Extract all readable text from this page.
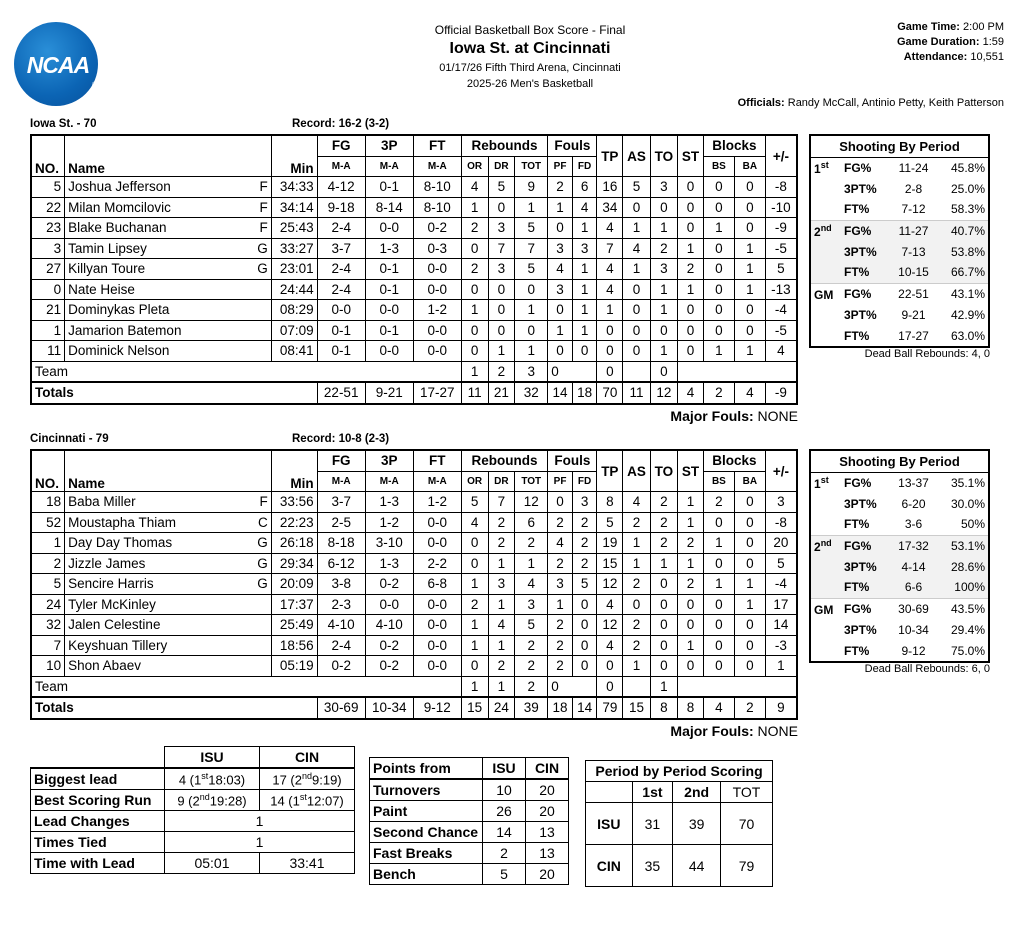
NCAA
®
Official Basketball Box Score - Final
Iowa St. at Cincinnati
01/17/26 Fifth Third Arena, Cincinnati
2025-26 Men's Basketball
Game Time: 2:00 PM
Game Duration: 1:59
Attendance: 10,551
Officials: Randy McCall, Antinio Petty, Keith Patterson
Iowa St. - 70	Record: 16-2 (3-2)
NO.	Name		Min	FG	3P	FT	Rebounds			Fouls		TP	AS	TO	ST	Blocks		+/-
				M-A	M-A	M-A	OR	DR	TOT	PF	FD					BS	BA	
5	Joshua Jefferson	F	34:33	4-12	0-1	8-10	4	5	9	2	6	16	5	3	0	0	0	-8
22	Milan Momcilovic	F	34:14	9-18	8-14	8-10	1	0	1	1	4	34	0	0	0	0	0	-10
23	Blake Buchanan	F	25:43	2-4	0-0	0-2	2	3	5	0	1	4	1	1	0	1	0	-9
3	Tamin Lipsey	G	33:27	3-7	1-3	0-3	0	7	7	3	3	7	4	2	1	0	1	-5
27	Killyan Toure	G	23:01	2-4	0-1	0-0	2	3	5	4	1	4	1	3	2	0	1	5
0	Nate Heise		24:44	2-4	0-1	0-0	0	0	0	3	1	4	0	1	1	0	1	-13
21	Dominykas Pleta		08:29	0-0	0-0	1-2	1	0	1	0	1	1	0	1	0	0	0	-4
1	Jamarion Batemon		07:09	0-1	0-1	0-0	0	0	0	1	1	0	0	0	0	0	0	-5
11	Dominick Nelson		08:41	0-1	0-0	0-0	0	1	1	0	0	0	0	1	0	1	1	4
Team							1	2	3	0		0		0				
Totals				22-51	9-21	17-27	11	21	32	14	18	70	11	12	4	2	4	-9
Major Fouls: NONE
Shooting By Period			
1st	FG%	11-24	45.8%
	3PT%	2-8	25.0%
	FT%	7-12	58.3%
2nd	FG%	11-27	40.7%
	3PT%	7-13	53.8%
	FT%	10-15	66.7%
GM	FG%	22-51	43.1%
	3PT%	9-21	42.9%
	FT%	17-27	63.0%
Dead Ball Rebounds: 4, 0
Cincinnati - 79	Record: 10-8 (2-3)
NO.	Name		Min	FG	3P	FT	Rebounds			Fouls		TP	AS	TO	ST	Blocks		+/-
				M-A	M-A	M-A	OR	DR	TOT	PF	FD					BS	BA	
18	Baba Miller	F	33:56	3-7	1-3	1-2	5	7	12	0	3	8	4	2	1	2	0	3
52	Moustapha Thiam	C	22:23	2-5	1-2	0-0	4	2	6	2	2	5	2	2	1	0	0	-8
1	Day Day Thomas	G	26:18	8-18	3-10	0-0	0	2	2	4	2	19	1	2	2	1	0	20
2	Jizzle James	G	29:34	6-12	1-3	2-2	0	1	1	2	2	15	1	1	1	0	0	5
5	Sencire Harris	G	20:09	3-8	0-2	6-8	1	3	4	3	5	12	2	0	2	1	1	-4
24	Tyler McKinley		17:37	2-3	0-0	0-0	2	1	3	1	0	4	0	0	0	0	1	17
32	Jalen Celestine		25:49	4-10	4-10	0-0	1	4	5	2	0	12	2	0	0	0	0	14
7	Keyshuan Tillery		18:56	2-4	0-2	0-0	1	1	2	2	0	4	2	0	1	0	0	-3
10	Shon Abaev		05:19	0-2	0-2	0-0	0	2	2	2	0	0	1	0	0	0	0	1
Team							1	1	2	0		0		1				
Totals				30-69	10-34	9-12	15	24	39	18	14	79	15	8	8	4	2	9
Major Fouls: NONE
Shooting By Period			
1st	FG%	13-37	35.1%
	3PT%	6-20	30.0%
	FT%	3-6	50%
2nd	FG%	17-32	53.1%
	3PT%	4-14	28.6%
	FT%	6-6	100%
GM	FG%	30-69	43.5%
	3PT%	10-34	29.4%
	FT%	9-12	75.0%
Dead Ball Rebounds: 6, 0
	ISU	CIN
Biggest lead	4 (1st18:03)	17 (2nd9:19)
Best Scoring Run	9 (2nd19:28)	14 (1st12:07)
Lead Changes	1	
Times Tied	1	
Time with Lead	05:01	33:41
Points from	ISU	CIN
Turnovers	10	20
Paint	26	20
Second Chance	14	13
Fast Breaks	2	13
Bench	5	20
Period by Period Scoring			
	1st	2nd	TOT
ISU	31	39	70
CIN	35	44	79
